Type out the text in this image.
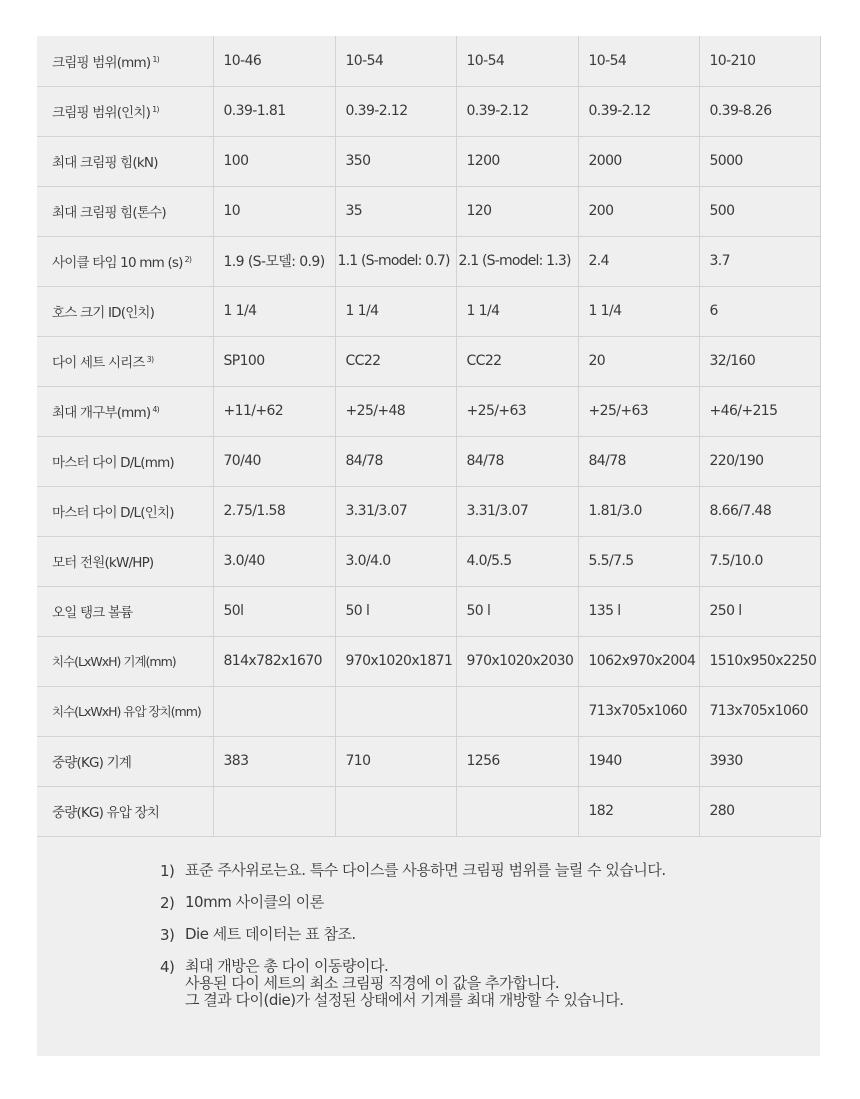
크림핑 범위(mm) $^{1)}$	10-46	10-54	10-54	10-54	10-210
크림핑 범위(인치) $^{1)}$	0.39-1.81	0.39-2.12	0.39-2.12	0.39-2.12	0.39-8.26
최대 크림핑 힘(kN)	100	350	1200	2000	5000
최대 크림핑 힘(톤수)	10	35	120	200	500
사이클 타임 10 mm (s) $^{2)}$	1.9 (S-모델: 0.9)	1.1 (S-model: 0.7)	2.1 (S-model: 1.3)	2.4	3.7
호스 크기 ID(인치)	1 1/4	1 1/4	1 1/4	1 1/4	6
다이 세트 시리즈 $^{3)}$	SP100	CC22	CC22	20	32/160
최대 개구부(mm) $^{4)}$	+11/+62	+25/+48	+25/+63	+25/+63	+46/+215
마스터 다이 D/L(mm)	70/40	84/78	84/78	84/78	220/190
마스터 다이 D/L(인치)	2.75/1.58	3.31/3.07	3.31/3.07	1.81/3.0	8.66/7.48
모터 전원(kW/HP)	3.0/40	3.0/4.0	4.0/5.5	5.5/7.5	7.5/10.0
오일 탱크 볼륨	50l	50 l	50 l	135 l	250 l
치수(LxWxH) 기계(mm)	814x782x1670	970x1020x1871	970x1020x2030	1062x970x2004	1510x950x2250
치수(LxWxH) 유압 장치(mm)				713x705x1060	713x705x1060
중량(KG) 기계	383	710	1256	1940	3930
중량(KG) 유압 장치				182	280
1) 표준 주사위로는요. 특수 다이스를 사용하면 크림핑 범위를 늘릴 수 있습니다.
2) 10mm 사이클의 이론
3) Die 세트 데이터는 표 참조.
4) 최대 개방은 총 다이 이동량이다.
사용된 다이 세트의 최소 크림핑 직경에 이 값을 추가합니다.
그 결과 다이(die)가 설정된 상태에서 기계를 최대 개방할 수 있습니다.
